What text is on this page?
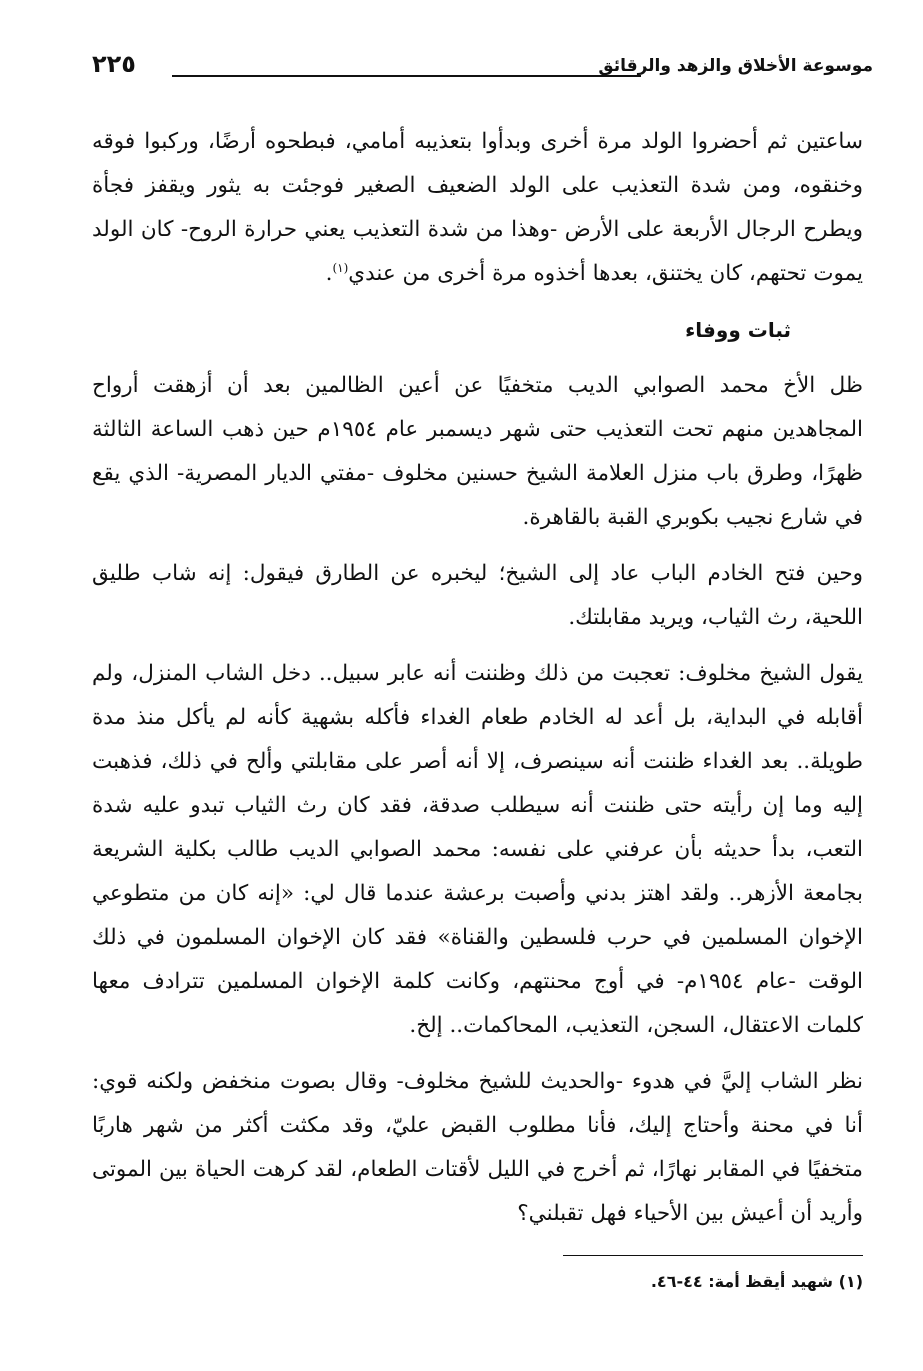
موسوعة الأخلاق والزهد والرقائق
٢٢٥

ساعتين ثم أحضروا الولد مرة أخرى وبدأوا بتعذيبه أمامي، فبطحوه أرضًا، وركبوا فوقه وخنقوه، ومن شدة التعذيب على الولد الضعيف الصغير فوجئت به يثور ويقفز فجأة ويطرح الرجال الأربعة على الأرض -وهذا من شدة التعذيب يعني حرارة الروح- كان الولد يموت تحتهم، كان يختنق، بعدها أخذوه مرة أخرى من عندي$^{(١)}$.

ثبات ووفاء

ظل الأخ محمد الصوابي الديب متخفيًا عن أعين الظالمين بعد أن أزهقت أرواح المجاهدين منهم تحت التعذيب حتى شهر ديسمبر عام ١٩٥٤م حين ذهب الساعة الثالثة ظهرًا، وطرق باب منزل العلامة الشيخ حسنين مخلوف -مفتي الديار المصرية- الذي يقع في شارع نجيب بكوبري القبة بالقاهرة.

وحين فتح الخادم الباب عاد إلى الشيخ؛ ليخبره عن الطارق فيقول: إنه شاب طليق اللحية، رث الثياب، ويريد مقابلتك.

يقول الشيخ مخلوف: تعجبت من ذلك وظننت أنه عابر سبيل.. دخل الشاب المنزل، ولم أقابله في البداية، بل أعد له الخادم طعام الغداء فأكله بشهية كأنه لم يأكل منذ مدة طويلة.. بعد الغداء ظننت أنه سينصرف، إلا أنه أصر على مقابلتي وألح في ذلك، فذهبت إليه وما إن رأيته حتى ظننت أنه سيطلب صدقة، فقد كان رث الثياب تبدو عليه شدة التعب، بدأ حديثه بأن عرفني على نفسه: محمد الصوابي الديب طالب بكلية الشريعة بجامعة الأزهر.. ولقد اهتز بدني وأصبت برعشة عندما قال لي: «إنه كان من متطوعي الإخوان المسلمين في حرب فلسطين والقناة» فقد كان الإخوان المسلمون في ذلك الوقت -عام ١٩٥٤م- في أوج محنتهم، وكانت كلمة الإخوان المسلمين تترادف معها كلمات الاعتقال، السجن، التعذيب، المحاكمات.. إلخ.

نظر الشاب إليَّ في هدوء -والحديث للشيخ مخلوف- وقال بصوت منخفض ولكنه قوي: أنا في محنة وأحتاج إليك، فأنا مطلوب القبض عليّ، وقد مكثت أكثر من شهر هاربًا متخفيًا في المقابر نهارًا، ثم أخرج في الليل لأقتات الطعام، لقد كرهت الحياة بين الموتى وأريد أن أعيش بين الأحياء فهل تقبلني؟

(١) شهيد أيقظ أمة: ٤٤-٤٦.
